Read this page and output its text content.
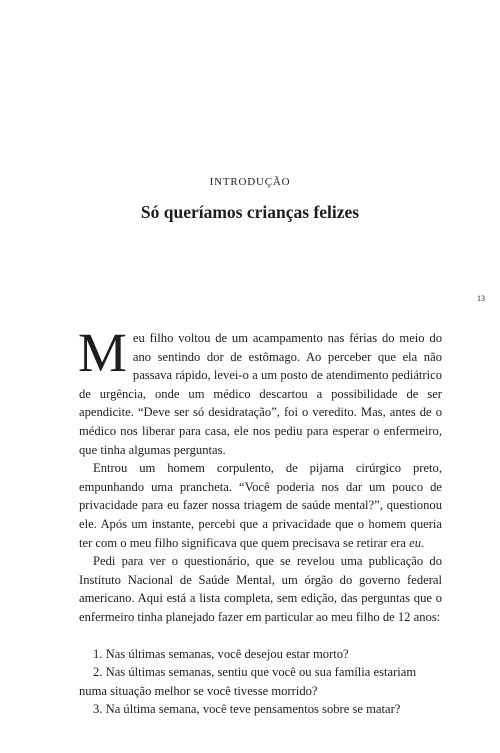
INTRODUÇÃO
Só queríamos crianças felizes
13

Meu filho voltou de um acampamento nas férias do meio do ano sentindo dor de estômago. Ao perceber que ela não passava rápido, levei-o a um posto de atendimento pediátrico de urgência, onde um médico descartou a possibilidade de ser apendicite. “Deve ser só desidratação”, foi o veredito. Mas, antes de o médico nos liberar para casa, ele nos pediu para esperar o enfermeiro, que tinha algumas perguntas.

Entrou um homem corpulento, de pijama cirúrgico preto, empunhando uma prancheta. “Você poderia nos dar um pouco de privacidade para eu fazer nossa triagem de saúde mental?”, questionou ele. Após um instante, percebi que a privacidade que o homem queria ter com o meu filho significava que quem precisava se retirar era eu.

Pedi para ver o questionário, que se revelou uma publicação do Instituto Nacional de Saúde Mental, um órgão do governo federal americano. Aqui está a lista completa, sem edição, das perguntas que o enfermeiro tinha planejado fazer em particular ao meu filho de 12 anos:

1. Nas últimas semanas, você desejou estar morto?

2. Nas últimas semanas, sentiu que você ou sua família estariam numa situação melhor se você tivesse morrido?

3. Na última semana, você teve pensamentos sobre se matar?
